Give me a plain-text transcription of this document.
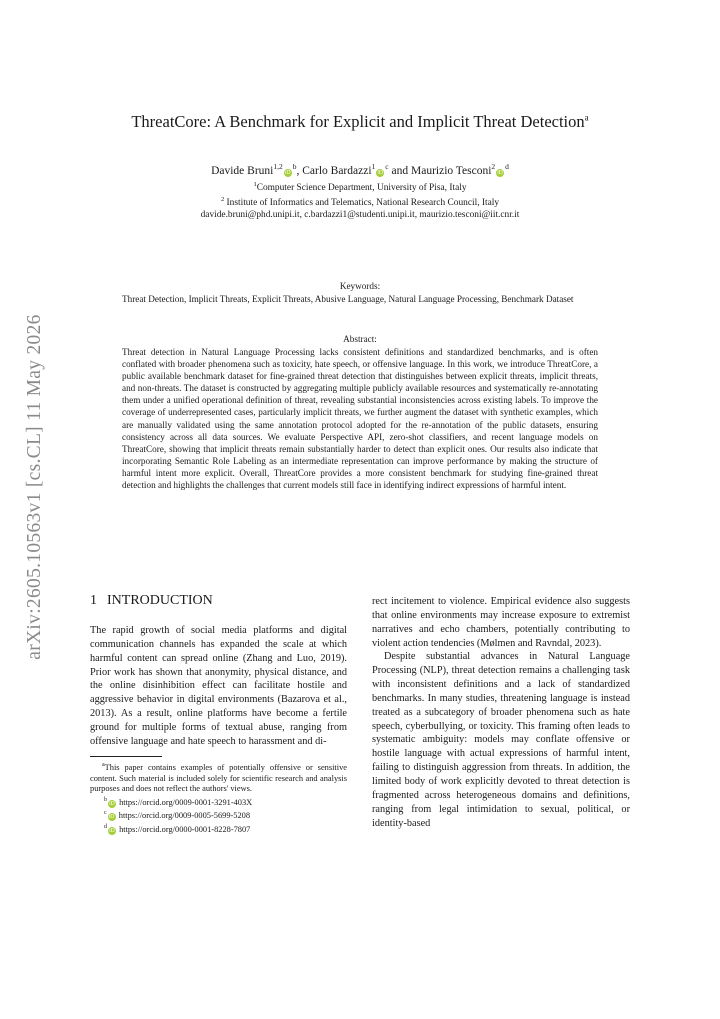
arXiv:2605.10563v1 [cs.CL] 11 May 2026
ThreatCore: A Benchmark for Explicit and Implicit Threat Detection$^a$
Davide $Bruni^{1,2}iD^b$, Carlo $Bardazzi^1iD^c$ and Maurizio $Tesconi^2iD^d$
$^1$Computer Science Department, University of Pisa, Italy
$^2$ Institute of Informatics and Telematics, National Research Council, Italy
davide.bruni@phd.unipi.it, c.bardazzi1@studenti.unipi.it, maurizio.tesconi@iit.cnr.it
Keywords:
Threat Detection, Implicit Threats, Explicit Threats, Abusive Language, Natural Language Processing, Benchmark Dataset
Abstract:
Threat detection in Natural Language Processing lacks consistent definitions and standardized benchmarks, and is often conflated with broader phenomena such as toxicity, hate speech, or offensive language. In this work, we introduce ThreatCore, a public available benchmark dataset for fine-grained threat detection that distinguishes between explicit threats, implicit threats, and non-threats. The dataset is constructed by aggregating multiple publicly available resources and systematically re-annotating them under a unified operational definition of threat, revealing substantial inconsistencies across existing labels. To improve the coverage of underrepresented cases, particularly implicit threats, we further augment the dataset with synthetic examples, which are manually validated using the same annotation protocol adopted for the re-annotation of the public datasets, ensuring consistency across all data sources. We evaluate Perspective API, zero-shot classifiers, and recent language models on ThreatCore, showing that implicit threats remain substantially harder to detect than explicit ones. Our results also indicate that incorporating Semantic Role Labeling as an intermediate representation can improve performance by making the structure of harmful intent more explicit. Overall, ThreatCore provides a more consistent benchmark for studying fine-grained threat detection and highlights the challenges that current models still face in identifying indirect expressions of harmful intent.
1 INTRODUCTION

The rapid growth of social media platforms and digital communication channels has expanded the scale at which harmful content can spread online (Zhang and Luo, 2019). Prior work has shown that anonymity, physical distance, and the online disinhibition effect can facilitate hostile and aggressive behavior in digital environments (Bazarova et al., 2013). As a result, online platforms have become a fertile ground for multiple forms of textual abuse, ranging from offensive language and hate speech to harassment and di-

rect incitement to violence. Empirical evidence also suggests that online environments may increase exposure to extremist narratives and echo chambers, potentially contributing to violent action tendencies (Mølmen and Ravndal, 2023).

Despite substantial advances in Natural Language Processing (NLP), threat detection remains a challenging task with inconsistent definitions and a lack of standardized benchmarks. In many studies, threatening language is instead treated as a subcategory of broader phenomena such as hate speech, cyberbullying, or toxicity. This framing often leads to systematic ambiguity: models may conflate offensive or hostile language with actual expressions of harmful intent, failing to distinguish aggression from threats. In addition, the limited body of work explicitly devoted to threat detection is fragmented across heterogeneous domains and definitions, ranging from legal intimidation to sexual, political, or identity-based

$^a$This paper contains examples of potentially offensive or sensitive content. Such material is included solely for scientific research and analysis purposes and does not reflect the authors' views.

$^b$iD https://orcid.org/0009-0001-3291-403X

$^c$iD https://orcid.org/0009-0005-5699-5208

$^d$iD https://orcid.org/0000-0001-8228-7807
